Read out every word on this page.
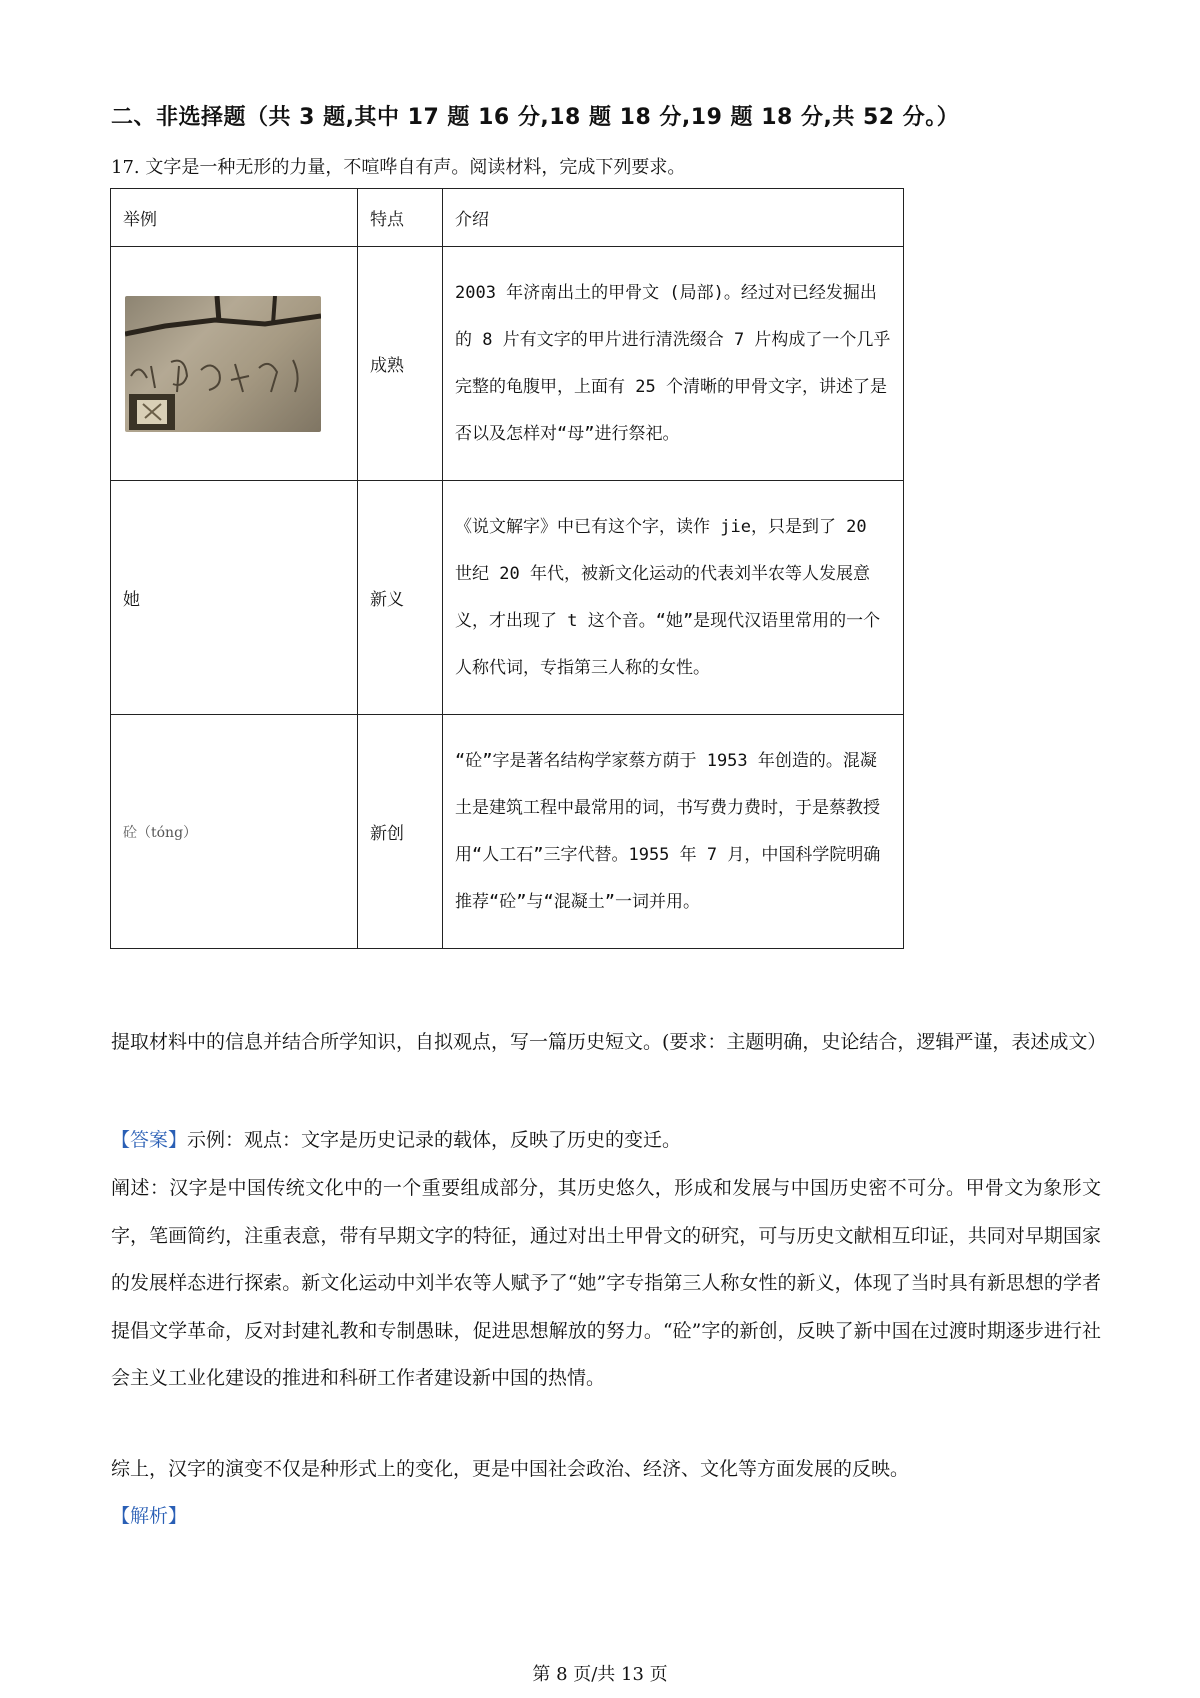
二、非选择题（共 3 题,其中 17 题 16 分,18 题 18 分,19 题 18 分,共 52 分。）
17. 文字是一种无形的力量，不喧哗自有声。阅读材料，完成下列要求。
举例	特点	介绍

	成熟	2003 年济南出土的甲骨文 (局部)。经过对已经发掘出的 8 片有文字的甲片进行清洗缀合 7 片构成了一个几乎完整的龟腹甲，上面有 25 个清晰的甲骨文字，讲述了是否以及怎样对“母”进行祭祀。
她	新义	《说文解字》中已有这个字，读作 jie，只是到了 20 世纪 20 年代，被新文化运动的代表刘半农等人发展意义，才出现了 t 这个音。“她”是现代汉语里常用的一个人称代词，专指第三人称的女性。
砼（tóng）	新创	“砼”字是著名结构学家蔡方荫于 1953 年创造的。混凝土是建筑工程中最常用的词，书写费力费时，于是蔡教授用“人工石”三字代替。1955 年 7 月，中国科学院明确推荐“砼”与“混凝土”一词并用。
提取材料中的信息并结合所学知识，自拟观点，写一篇历史短文。(要求：主题明确，史论结合，逻辑严谨，表述成文）
【答案】示例：观点：文字是历史记录的载体，反映了历史的变迁。
阐述：汉字是中国传统文化中的一个重要组成部分，其历史悠久，形成和发展与中国历史密不可分。甲骨文为象形文字，笔画简约，注重表意，带有早期文字的特征，通过对出土甲骨文的研究，可与历史文献相互印证，共同对早期国家的发展样态进行探索。新文化运动中刘半农等人赋予了“她”字专指第三人称女性的新义，体现了当时具有新思想的学者提倡文学革命，反对封建礼教和专制愚昧，促进思想解放的努力。“砼”字的新创，反映了新中国在过渡时期逐步进行社会主义工业化建设的推进和科研工作者建设新中国的热情。
综上，汉字的演变不仅是种形式上的变化，更是中国社会政治、经济、文化等方面发展的反映。
【解析】
第 8 页/共 13 页
